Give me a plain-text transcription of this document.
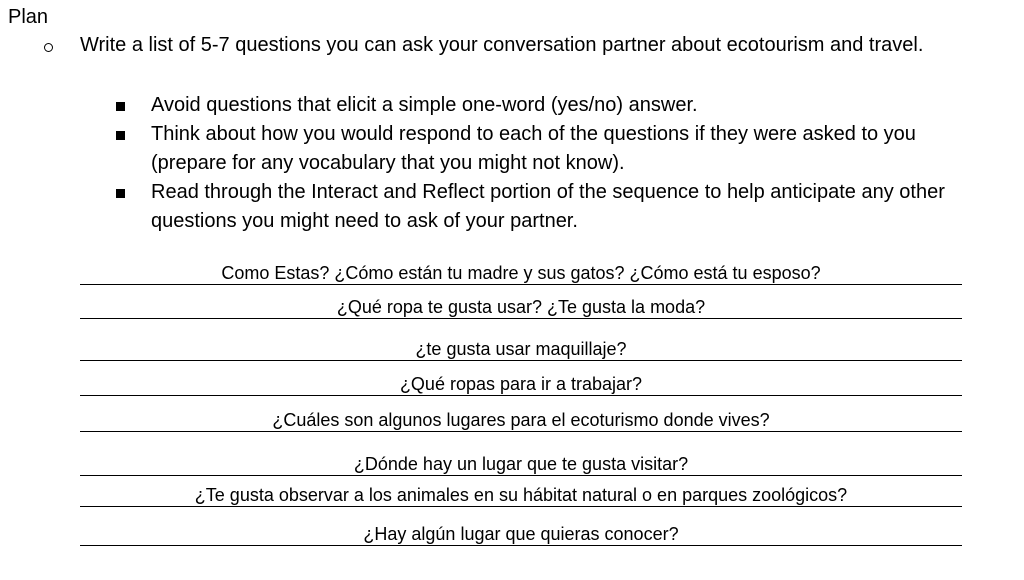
Plan
Write a list of 5-7 questions you can ask your conversation partner about ecotourism and travel.
Avoid questions that elicit a simple one-word (yes/no) answer.
Think about how you would respond to each of the questions if they were asked to you (prepare for any vocabulary that you might not know).
Read through the Interact and Reflect portion of the sequence to help anticipate any other questions you might need to ask of your partner.
Como Estas? ¿Cómo están tu madre y sus gatos? ¿Cómo está tu esposo?
¿Qué ropa te gusta usar? ¿Te gusta la moda?
¿te gusta usar maquillaje?
¿Qué ropas para ir a trabajar?
¿Cuáles son algunos lugares para el ecoturismo donde vives?
¿Dónde hay un lugar que te gusta visitar?
¿Te gusta observar a los animales en su hábitat natural o en parques zoológicos?
¿Hay algún lugar que quieras conocer?
